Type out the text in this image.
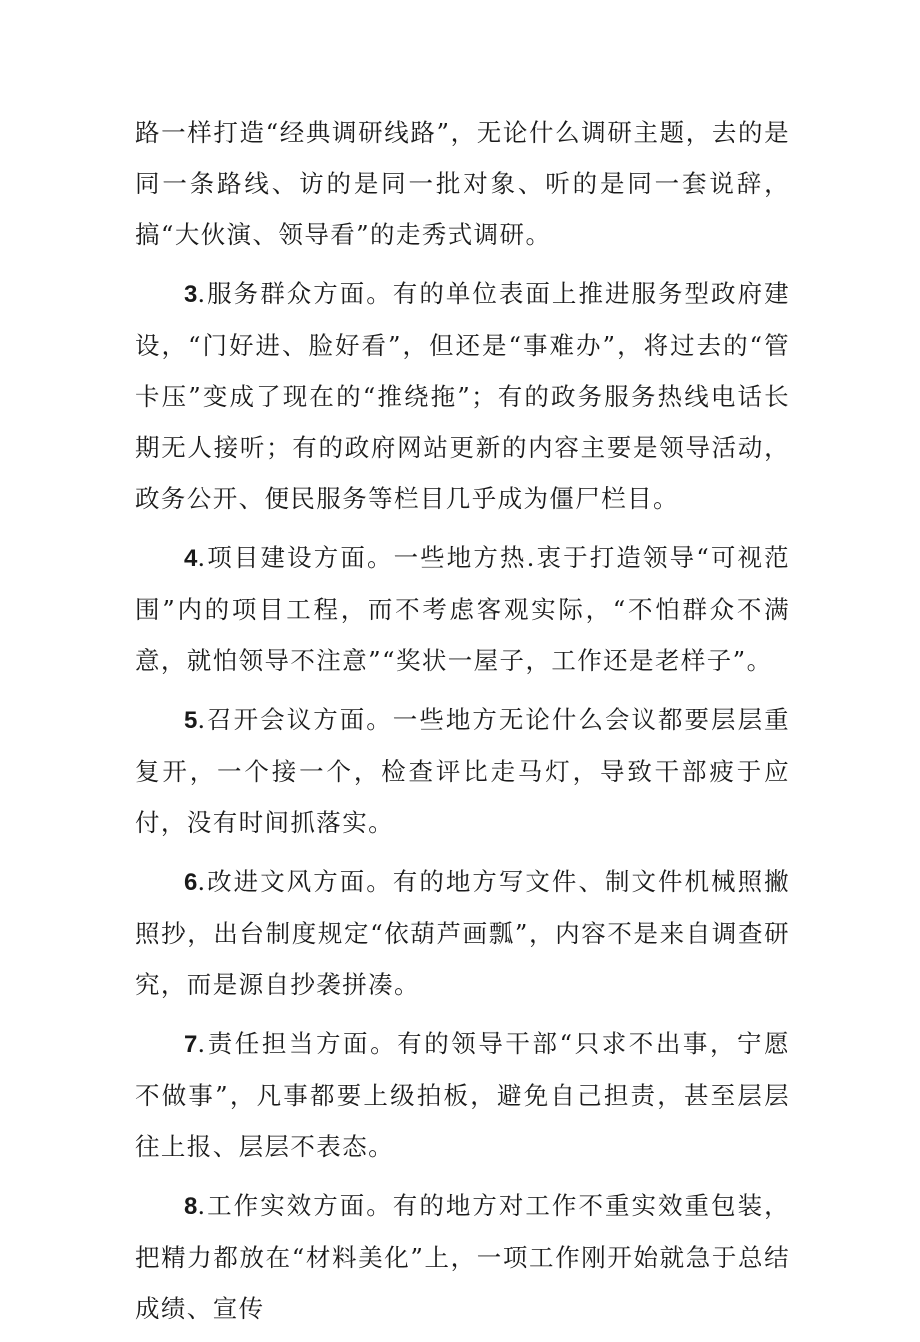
路一样打造“经典调研线路”，无论什么调研主题，去的是同一条路线、访的是同一批对象、听的是同一套说辞，搞“大伙演、领导看”的走秀式调研。

3.服务群众方面。有的单位表面上推进服务型政府建设，“门好进、脸好看”，但还是“事难办”，将过去的“管卡压”变成了现在的“推绕拖”；有的政务服务热线电话长期无人接听；有的政府网站更新的内容主要是领导活动，政务公开、便民服务等栏目几乎成为僵尸栏目。

4.项目建设方面。一些地方热.衷于打造领导“可视范围”内的项目工程，而不考虑客观实际，“不怕群众不满意，就怕领导不注意”“奖状一屋子，工作还是老样子”。

5.召开会议方面。一些地方无论什么会议都要层层重复开，一个接一个，检查评比走马灯，导致干部疲于应付，没有时间抓落实。

6.改进文风方面。有的地方写文件、制文件机械照撇照抄，出台制度规定“依葫芦画瓢”，内容不是来自调查研究，而是源自抄袭拼凑。

7.责任担当方面。有的领导干部“只求不出事，宁愿不做事”，凡事都要上级拍板，避免自己担责，甚至层层往上报、层层不表态。

8.工作实效方面。有的地方对工作不重实效重包装，把精力都放在“材料美化”上，一项工作刚开始就急于总结成绩、宣传
